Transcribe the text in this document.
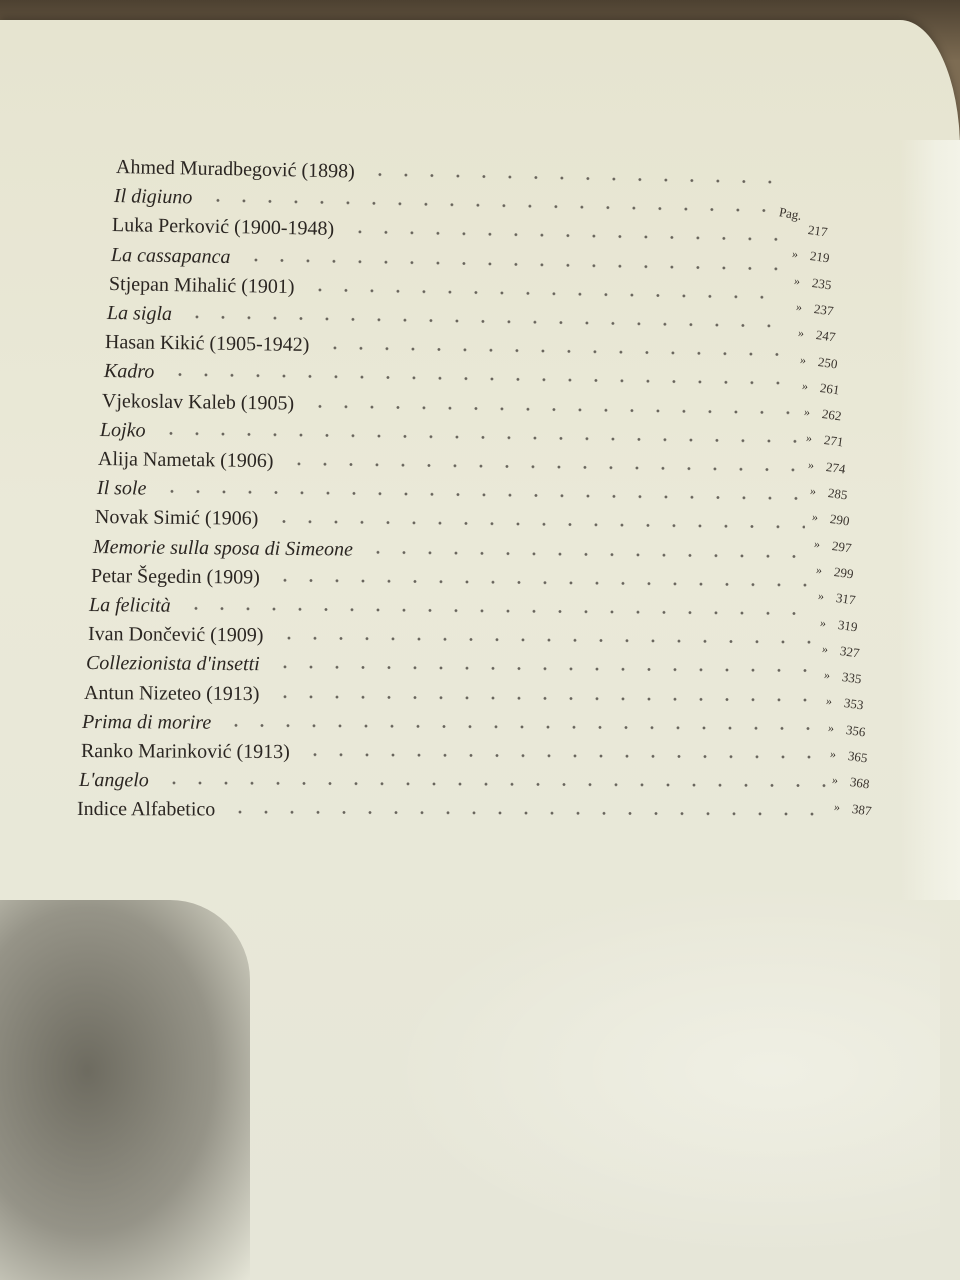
Pag.
Ahmed Muradbegović (1898)
Il digiuno
Luka Perković (1900-1948)
La cassapanca
Stjepan Mihalić (1901)
La sigla
Hasan Kikić (1905-1942)
Kadro
Vjekoslav Kaleb (1905)
Lojko
Alija Nametak (1906)
Il sole
Novak Simić (1906)
Memorie sulla sposa di Simeone
Petar Šegedin (1909)
La felicità
Ivan Dončević (1909)
Collezionista d'insetti
Antun Nizeteo (1913)
Prima di morire
Ranko Marinković (1913)
L'angelo
Indice Alfabetico
217
» 219
» 235
» 237
» 247
» 250
» 261
» 262
» 271
» 274
» 285
» 290
» 297
» 299
» 317
» 319
» 327
» 335
» 353
» 356
» 365
» 368
» 387
